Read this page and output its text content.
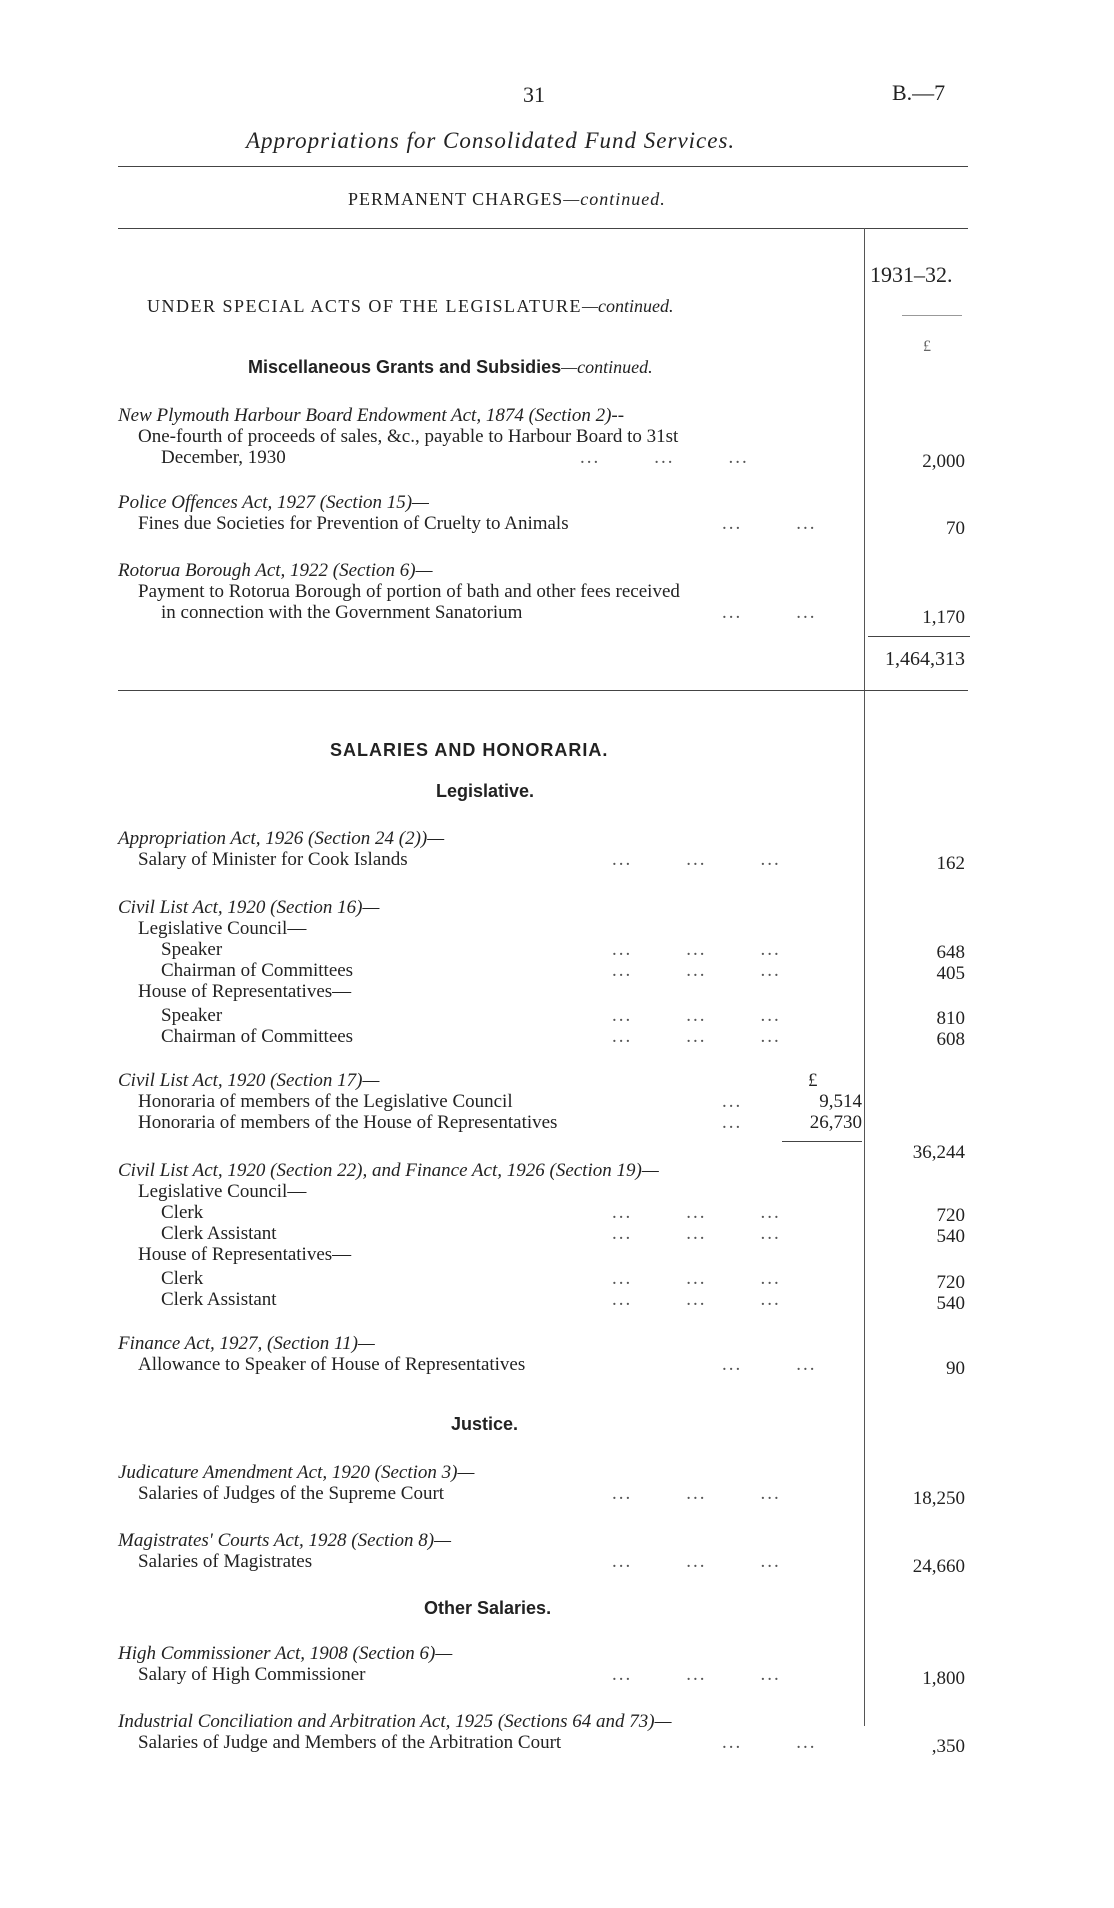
31	B.—7
Appropriations for Consolidated Fund Services.
PERMANENT CHARGES—continued.
1931–32.
£
UNDER SPECIAL ACTS OF THE LEGISLATURE—continued.
Miscellaneous Grants and Subsidies—continued.
New Plymouth Harbour Board Endowment Act, 1874 (Section 2)--
One-fourth of proceeds of sales, &c., payable to Harbour Board to 31st
December, 1930	...        ...        ...	2,000
Police Offences Act, 1927 (Section 15)—
Fines due Societies for Prevention of Cruelty to Animals	...        ...	70
Rotorua Borough Act, 1922 (Section 6)—
Payment to Rotorua Borough of portion of bath and other fees received
in connection with the Government Sanatorium	...        ...	1,170
1,464,313
SALARIES AND HONORARIA.
Legislative.
Appropriation Act, 1926 (Section 24 (2))—
Salary of Minister for Cook Islands	...        ...        ...	162
Civil List Act, 1920 (Section 16)—
Legislative Council—
Speaker	...        ...        ...	648
Chairman of Committees	...        ...        ...	405
House of Representatives—
Speaker	...        ...        ...	810
Chairman of Committees	...        ...        ...	608
Civil List Act, 1920 (Section 17)—	£
Honoraria of members of the Legislative Council	...	9,514
Honoraria of members of the House of Representatives	...	26,730
36,244
Civil List Act, 1920 (Section 22), and Finance Act, 1926 (Section 19)—
Legislative Council—
Clerk	...        ...        ...	720
Clerk Assistant	...        ...        ...	540
House of Representatives—
Clerk	...        ...        ...	720
Clerk Assistant	...        ...        ...	540
Finance Act, 1927, (Section 11)—
Allowance to Speaker of House of Representatives	...        ...	90
Justice.
Judicature Amendment Act, 1920 (Section 3)—
Salaries of Judges of the Supreme Court	...        ...        ...	18,250
Magistrates' Courts Act, 1928 (Section 8)—
Salaries of Magistrates	...        ...        ...	24,660
Other Salaries.
High Commissioner Act, 1908 (Section 6)—
Salary of High Commissioner	...        ...        ...	1,800
Industrial Conciliation and Arbitration Act, 1925 (Sections 64 and 73)—
Salaries of Judge and Members of the Arbitration Court	...        ...	,350
